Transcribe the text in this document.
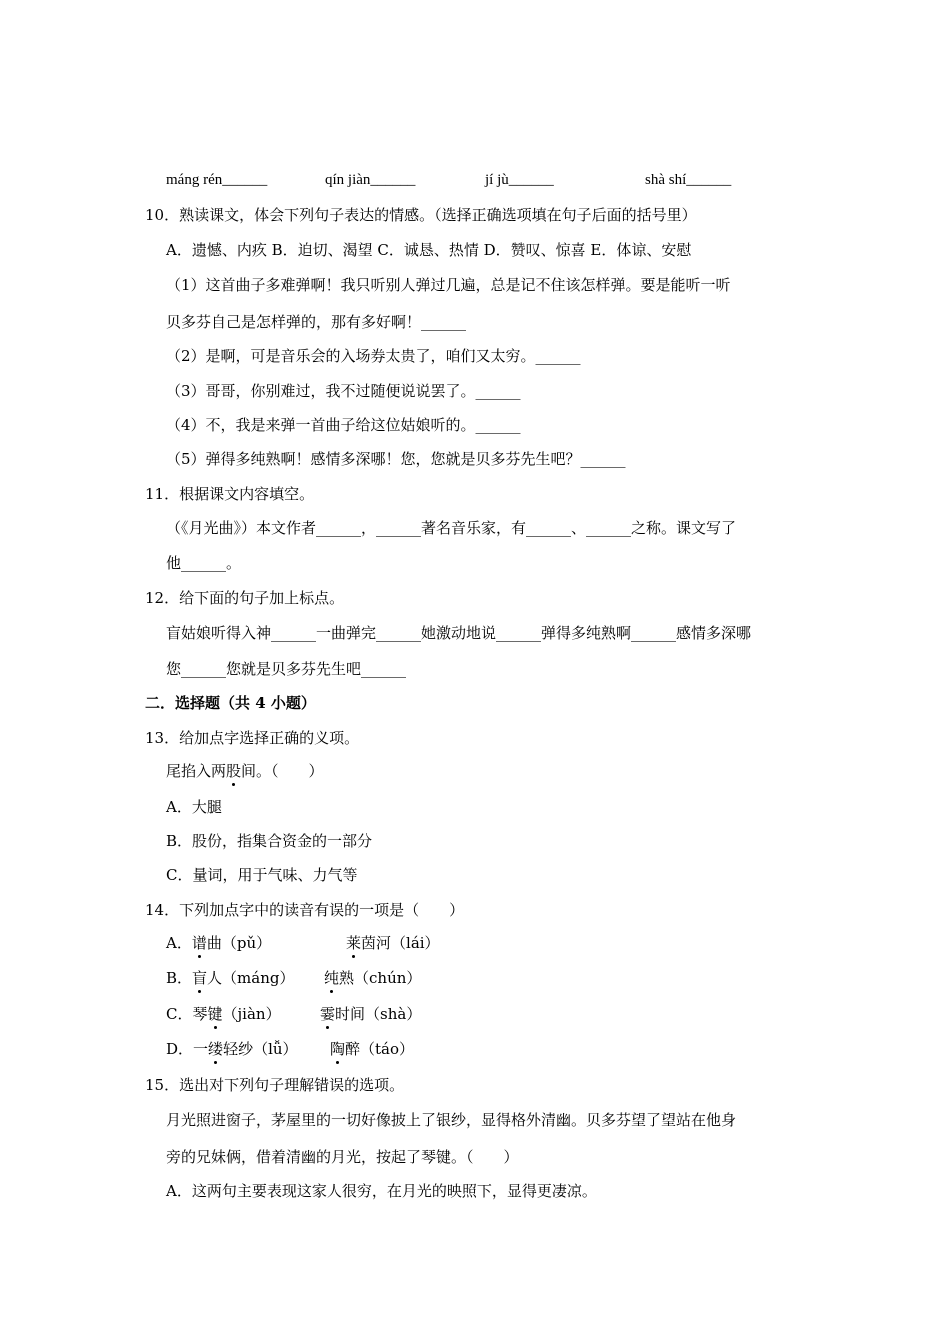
máng rén______	qín jiàn______	jí jù______	shà shí______
10．熟读课文，体会下列句子表达的情感。（选择正确选项填在句子后面的括号里）
A．遗憾、内疚 B．迫切、渴望 C．诚恳、热情 D．赞叹、惊喜 E．体谅、安慰
（1）这首曲子多难弹啊！我只听别人弹过几遍，总是记不住该怎样弹。要是能听一听
贝多芬自己是怎样弹的，那有多好啊！______
（2）是啊，可是音乐会的入场券太贵了，咱们又太穷。______
（3）哥哥，你别难过，我不过随便说说罢了。______
（4）不，我是来弹一首曲子给这位姑娘听的。______
（5）弹得多纯熟啊！感情多深哪！您，您就是贝多芬先生吧？______
11．根据课文内容填空。
（《月光曲》）本文作者______，______著名音乐家，有______、______之称。课文写了
他______。
12．给下面的句子加上标点。
盲姑娘听得入神______一曲弹完______她激动地说______弹得多纯熟啊______感情多深哪
您______您就是贝多芬先生吧______
二．选择题（共 4 小题）
13．给加点字选择正确的义项。
尾掐入两股间。（　　）
A．大腿
B．股份，指集合资金的一部分
C．量词，用于气味、力气等
14．下列加点字中的读音有误的一项是（　　）
A．谱曲（pǔ）	莱茵河（lái）
B．盲人（máng） 纯熟（chún）
C．琴键（jiàn）	霎时间（shà）
D．一缕轻纱（lǚ） 陶醉（táo）
15．选出对下列句子理解错误的选项。
月光照进窗子，茅屋里的一切好像披上了银纱，显得格外清幽。贝多芬望了望站在他身
旁的兄妹俩，借着清幽的月光，按起了琴键。（　　）
A．这两句主要表现这家人很穷，在月光的映照下，显得更凄凉。
